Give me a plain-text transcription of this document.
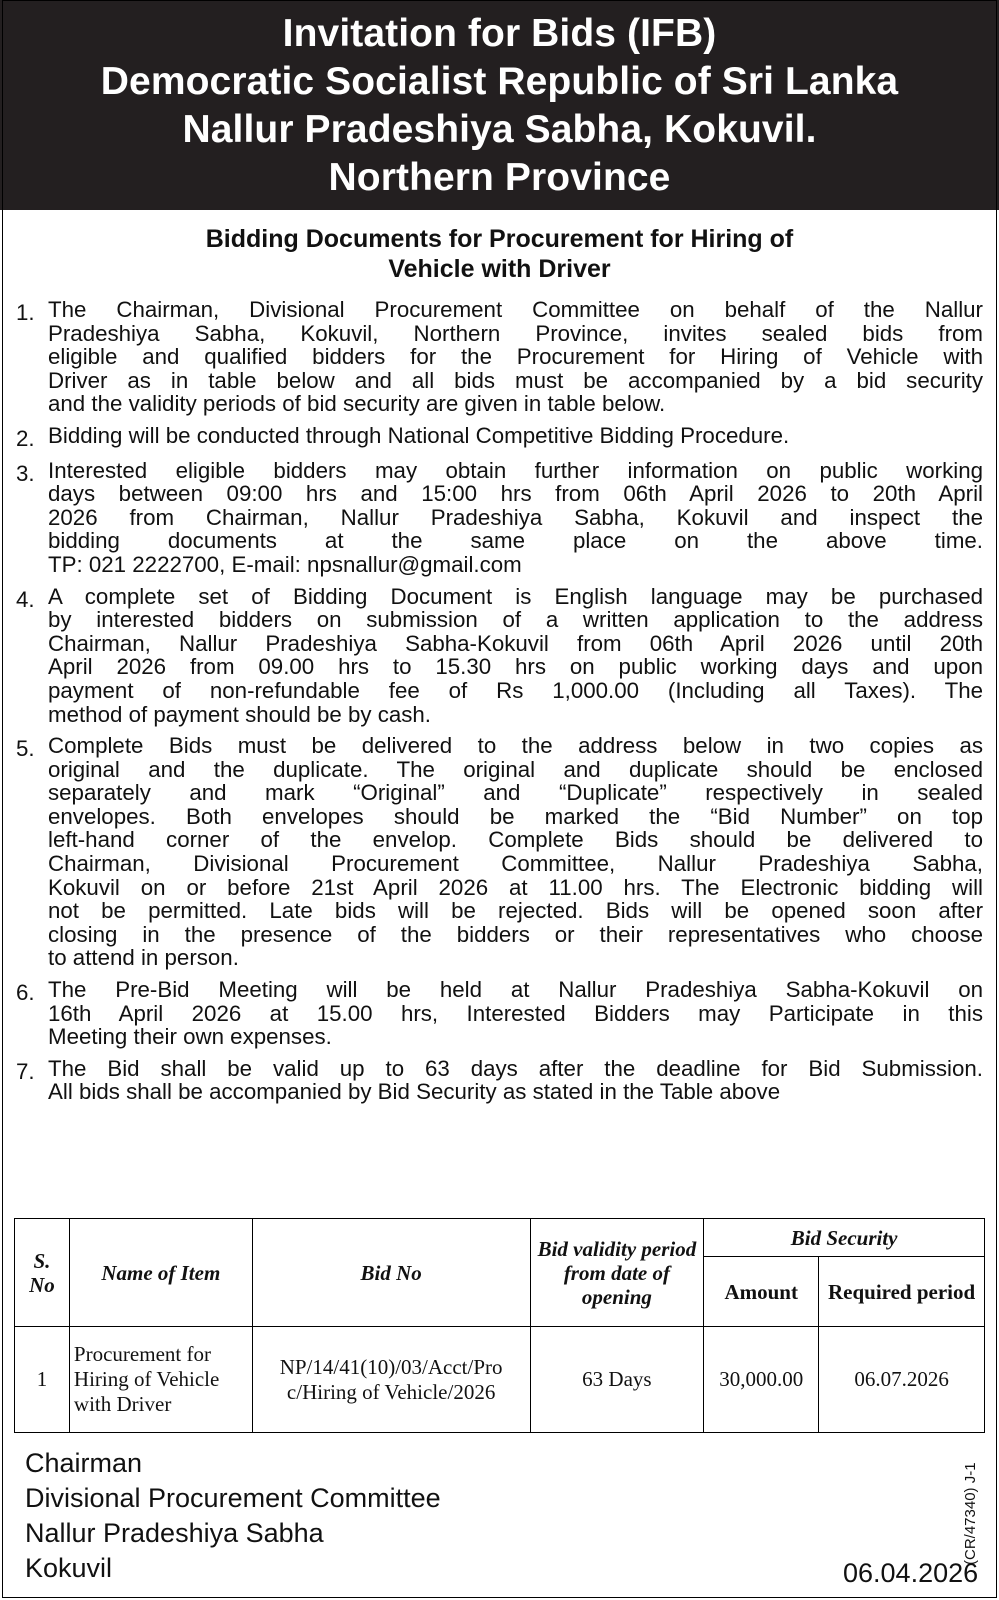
Invitation for Bids (IFB)
Democratic Socialist Republic of Sri Lanka
Nallur Pradeshiya Sabha, Kokuvil.
Northern Province
Bidding Documents for Procurement for Hiring of
Vehicle with Driver
1. The Chairman, Divisional Procurement Committee on behalf of the Nallur
Pradeshiya Sabha, Kokuvil, Northern Province, invites sealed bids from
eligible and qualified bidders for the Procurement for Hiring of Vehicle with
Driver as in table below and all bids must be accompanied by a bid security
and the validity periods of bid security are given in table below.
2. Bidding will be conducted through National Competitive Bidding Procedure.
3. Interested eligible bidders may obtain further information on public working
days between 09:00 hrs and 15:00 hrs from 06th April 2026 to 20th April
2026 from Chairman, Nallur Pradeshiya Sabha, Kokuvil and inspect the
bidding documents at the same place on the above time.
TP: 021 2222700, E-mail: npsnallur@gmail.com
4. A complete set of Bidding Document is English language may be purchased
by interested bidders on submission of a written application to the address
Chairman, Nallur Pradeshiya Sabha-Kokuvil from 06th April 2026 until 20th
April 2026 from 09.00 hrs to 15.30 hrs on public working days and upon
payment of non-refundable fee of Rs 1,000.00 (Including all Taxes). The
method of payment should be by cash.
5. Complete Bids must be delivered to the address below in two copies as
original and the duplicate. The original and duplicate should be enclosed
separately and mark “Original” and “Duplicate” respectively in sealed
envelopes. Both envelopes should be marked the “Bid Number” on top
left-hand corner of the envelop. Complete Bids should be delivered to
Chairman, Divisional Procurement Committee, Nallur Pradeshiya Sabha,
Kokuvil on or before 21st April 2026 at 11.00 hrs. The Electronic bidding will
not be permitted. Late bids will be rejected. Bids will be opened soon after
closing in the presence of the bidders or their representatives who choose
to attend in person.
6. The Pre-Bid Meeting will be held at Nallur Pradeshiya Sabha-Kokuvil on
16th April 2026 at 15.00 hrs, Interested Bidders may Participate in this
Meeting their own expenses.
7. The Bid shall be valid up to 63 days after the deadline for Bid Submission.
All bids shall be accompanied by Bid Security as stated in the Table above
S. No	Name of Item	Bid No	Bid validity period from date of opening	Bid Security	
				Amount	Required period
1	Procurement for Hiring of Vehicle with Driver	NP/14/41(10)/03/Acct/Pro c/Hiring of Vehicle/2026	63 Days	30,000.00	06.07.2026
Chairman
Divisional Procurement Committee
Nallur Pradeshiya Sabha
Kokuvil	06.04.2026
(CR/47340) J-1
